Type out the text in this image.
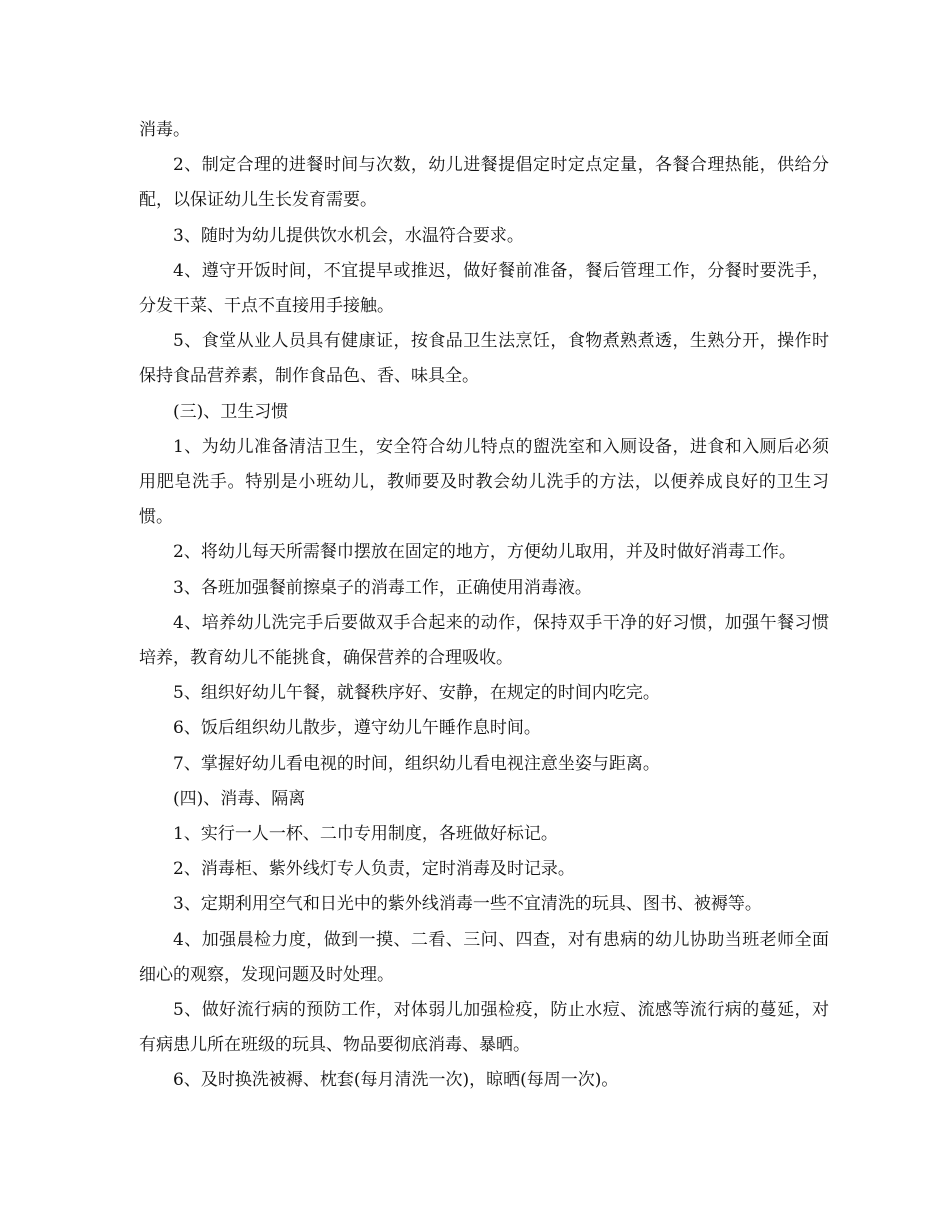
消毒。

2、制定合理的进餐时间与次数，幼儿进餐提倡定时定点定量，各餐合理热能，供给分配，以保证幼儿生长发育需要。

3、随时为幼儿提供饮水机会，水温符合要求。

4、遵守开饭时间，不宜提早或推迟，做好餐前准备，餐后管理工作，分餐时要洗手，分发干菜、干点不直接用手接触。

5、食堂从业人员具有健康证，按食品卫生法烹饪，食物煮熟煮透，生熟分开，操作时保持食品营养素，制作食品色、香、味具全。

(三)、卫生习惯

1、为幼儿准备清洁卫生，安全符合幼儿特点的盥洗室和入厕设备，进食和入厕后必须用肥皂洗手。特别是小班幼儿，教师要及时教会幼儿洗手的方法，以便养成良好的卫生习惯。

2、将幼儿每天所需餐巾摆放在固定的地方，方便幼儿取用，并及时做好消毒工作。

3、各班加强餐前擦桌子的消毒工作，正确使用消毒液。

4、培养幼儿洗完手后要做双手合起来的动作，保持双手干净的好习惯，加强午餐习惯培养，教育幼儿不能挑食，确保营养的合理吸收。

5、组织好幼儿午餐，就餐秩序好、安静，在规定的时间内吃完。

6、饭后组织幼儿散步，遵守幼儿午睡作息时间。

7、掌握好幼儿看电视的时间，组织幼儿看电视注意坐姿与距离。

(四)、消毒、隔离

1、实行一人一杯、二巾专用制度，各班做好标记。

2、消毒柜、紫外线灯专人负责，定时消毒及时记录。

3、定期利用空气和日光中的紫外线消毒一些不宜清洗的玩具、图书、被褥等。

4、加强晨检力度，做到一摸、二看、三问、四查，对有患病的幼儿协助当班老师全面细心的观察，发现问题及时处理。

5、做好流行病的预防工作，对体弱儿加强检疫，防止水痘、流感等流行病的蔓延，对有病患儿所在班级的玩具、物品要彻底消毒、暴晒。

6、及时换洗被褥、枕套(每月清洗一次)，晾晒(每周一次)。
